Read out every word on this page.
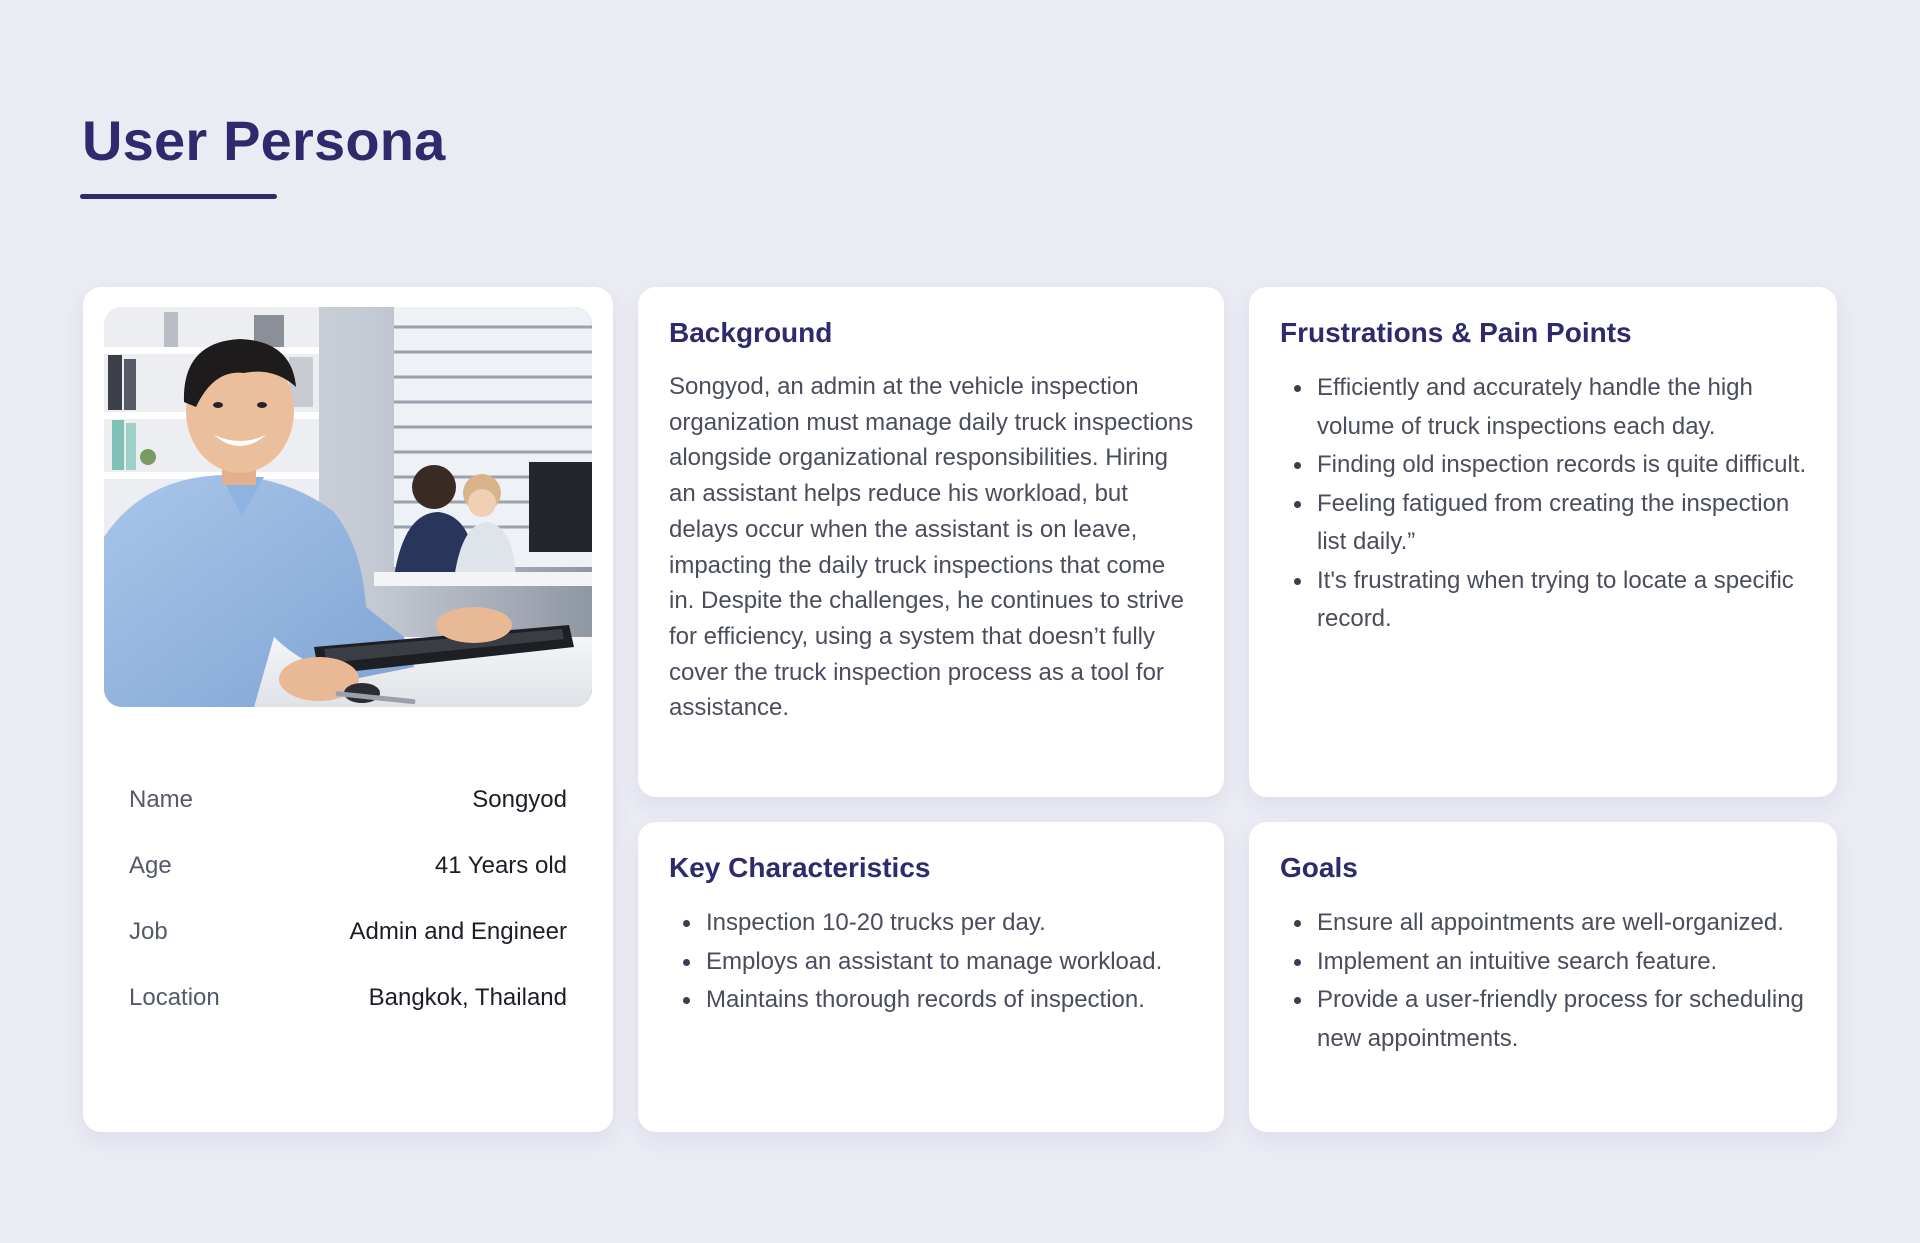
User Persona
Name	Songyod
Age	41 Years old
Job	Admin and Engineer
Location	Bangkok, Thailand
Background

Songyod, an admin at the vehicle inspection organization must manage daily truck inspections alongside organizational responsibilities. Hiring an assistant helps reduce his workload, but delays occur when the assistant is on leave, impacting the daily truck inspections that come in. Despite the challenges, he continues to strive for efficiency, using a system that doesn’t fully cover the truck inspection process as a tool for assistance.

Frustrations & Pain Points
Efficiently and accurately handle the high volume of truck inspections each day.
Finding old inspection records is quite difficult.
Feeling fatigued from creating the inspection list daily.”
It's frustrating when trying to locate a specific record.
Key Characteristics
Inspection 10-20 trucks per day.
Employs an assistant to manage workload.
Maintains thorough records of inspection.
Goals
Ensure all appointments are well-organized.
Implement an intuitive search feature.
Provide a user-friendly process for scheduling new appointments.
